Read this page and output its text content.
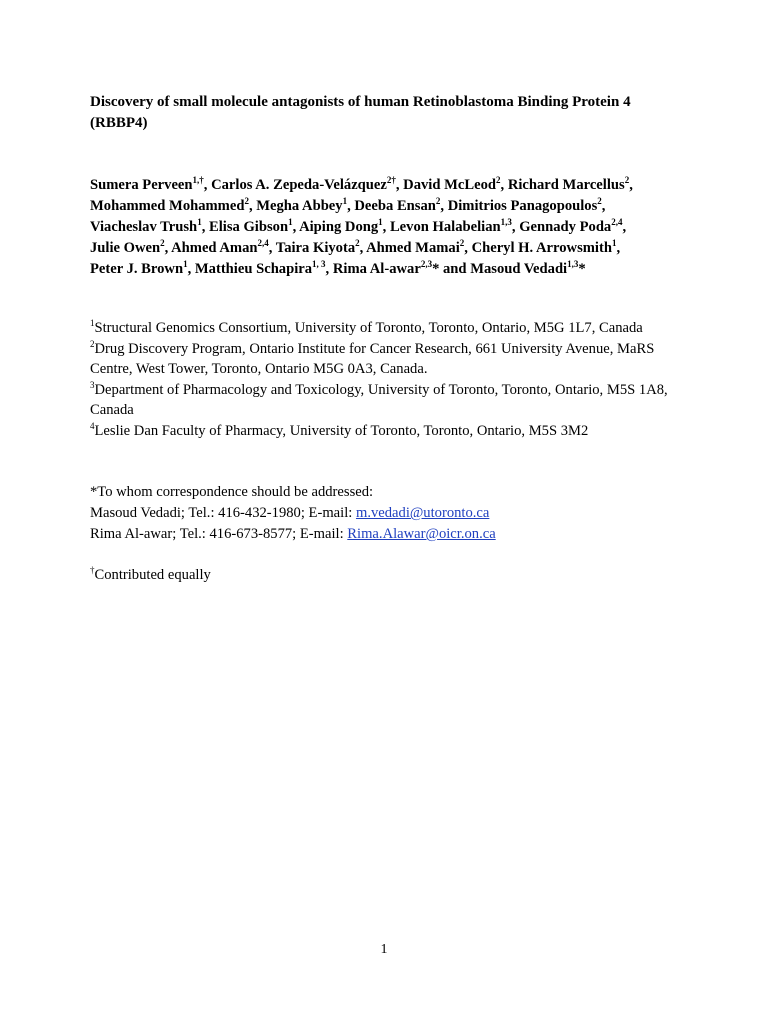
Discovery of small molecule antagonists of human Retinoblastoma Binding Protein 4 (RBBP4)
Sumera Perveen$^{1,\dagger}$, Carlos A. Zepeda-Velázquez$^{2\dagger}$, David McLeod$^2$, Richard Marcellus$^2$,
Mohammed Mohammed$^2$, Megha Abbey$^1$, Deeba Ensan$^2$, Dimitrios Panagopoulos$^2$,
Viacheslav Trush$^1$, Elisa Gibson$^1$, Aiping Dong$^1$, Levon Halabelian$^{1,3}$, Gennady Poda$^{2,4}$,
Julie Owen$^2$, Ahmed Aman$^{2,4}$, Taira Kiyota$^2$, Ahmed Mamai$^2$, Cheryl H. Arrowsmith$^1$,
Peter J. Brown$^1$, Matthieu Schapira$^{1, 3}$, Rima Al-awar$^{2,3}$* and Masoud Vedadi$^{1,3}$*

$^1$Structural Genomics Consortium, University of Toronto, Toronto, Ontario, M5G 1L7, Canada

$^2$Drug Discovery Program, Ontario Institute for Cancer Research, 661 University Avenue, MaRS Centre, West Tower, Toronto, Ontario M5G 0A3, Canada.

$^3$Department of Pharmacology and Toxicology, University of Toronto, Toronto, Ontario, M5S 1A8, Canada

$^4$Leslie Dan Faculty of Pharmacy, University of Toronto, Toronto, Ontario, M5S 3M2

*To whom correspondence should be addressed:

Masoud Vedadi; Tel.: 416-432-1980; E-mail: m.vedadi@utoronto.ca

Rima Al-awar; Tel.: 416-673-8577; E-mail: Rima.Alawar@oicr.on.ca

†Contributed equally
1
